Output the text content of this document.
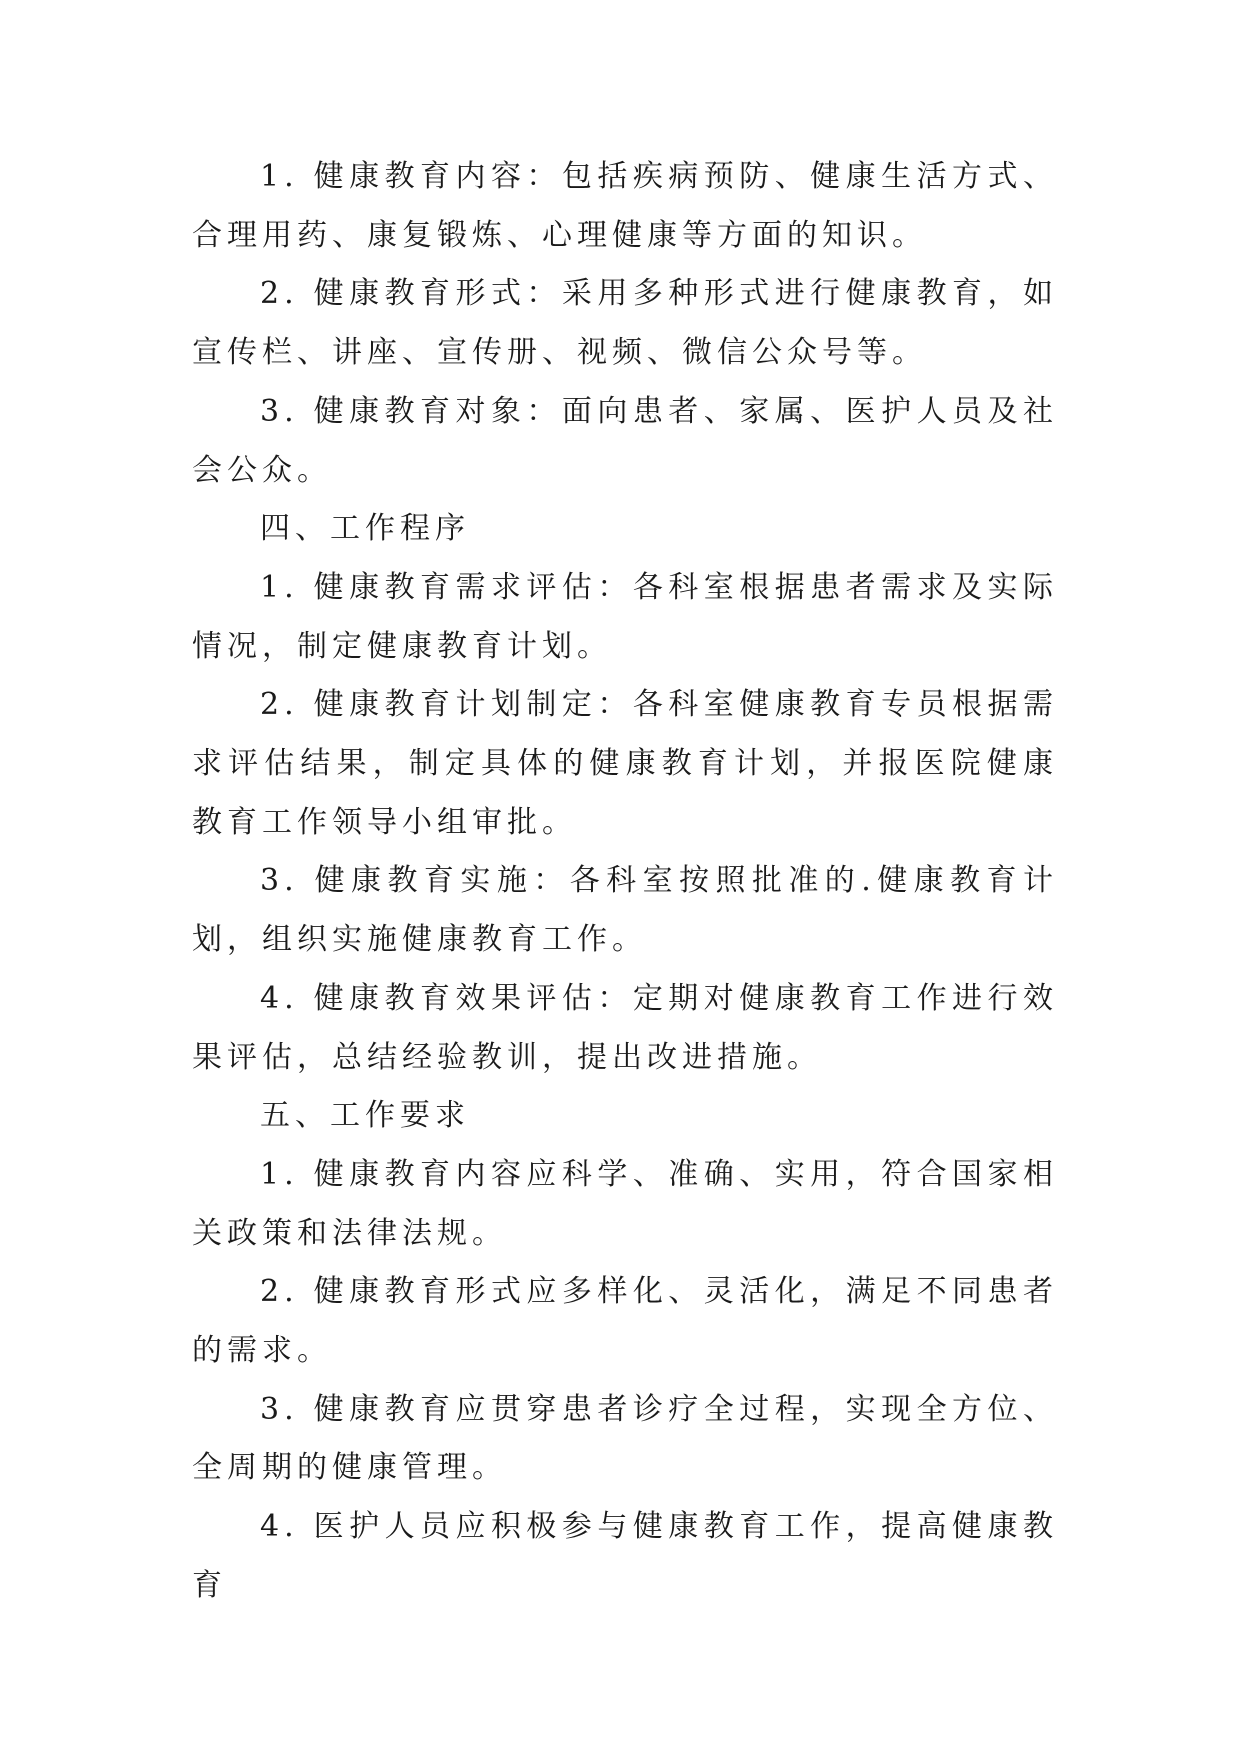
1. 健康教育内容：包括疾病预防、健康生活方式、合理用药、康复锻炼、心理健康等方面的知识。

2. 健康教育形式：采用多种形式进行健康教育，如宣传栏、讲座、宣传册、视频、微信公众号等。

3. 健康教育对象：面向患者、家属、医护人员及社会公众。

四、工作程序

1. 健康教育需求评估：各科室根据患者需求及实际情况，制定健康教育计划。

2. 健康教育计划制定：各科室健康教育专员根据需求评估结果，制定具体的健康教育计划，并报医院健康教育工作领导小组审批。

3. 健康教育实施：各科室按照批准的.健康教育计划，组织实施健康教育工作。

4. 健康教育效果评估：定期对健康教育工作进行效果评估，总结经验教训，提出改进措施。

五、工作要求

1. 健康教育内容应科学、准确、实用，符合国家相关政策和法律法规。

2. 健康教育形式应多样化、灵活化，满足不同患者的需求。

3. 健康教育应贯穿患者诊疗全过程，实现全方位、全周期的健康管理。

4. 医护人员应积极参与健康教育工作，提高健康教育
